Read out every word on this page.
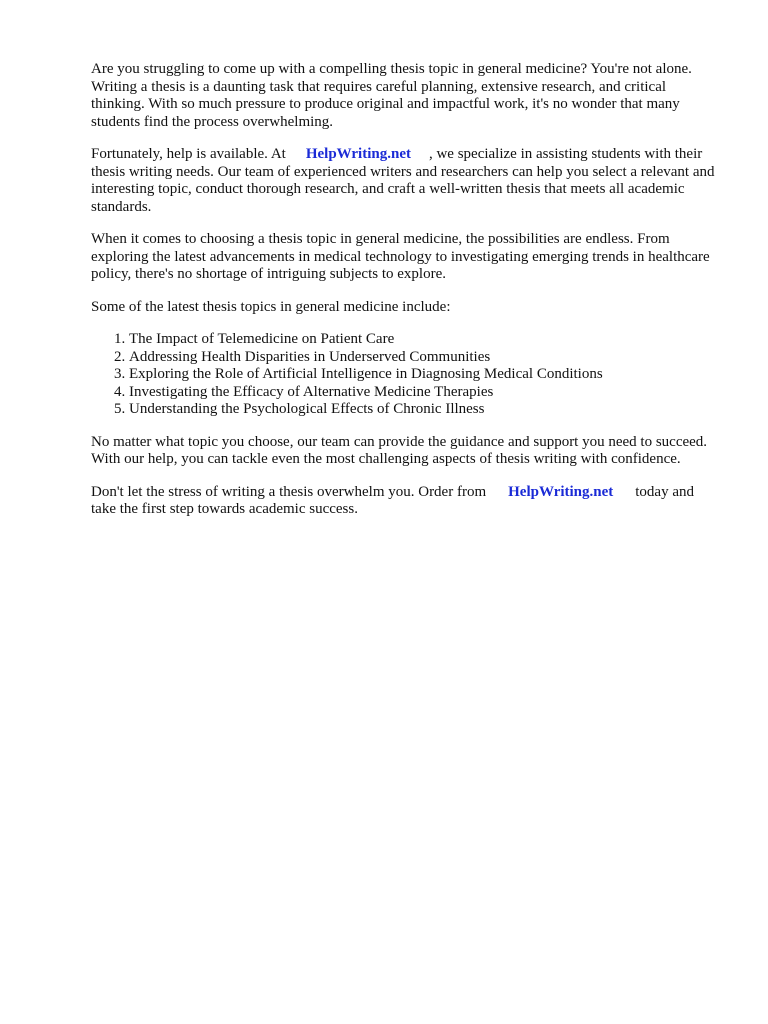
Are you struggling to come up with a compelling thesis topic in general medicine? You're not alone. Writing a thesis is a daunting task that requires careful planning, extensive research, and critical thinking. With so much pressure to produce original and impactful work, it's no wonder that many students find the process overwhelming.

Fortunately, help is available. At HelpWriting.net , we specialize in assisting students with their thesis writing needs. Our team of experienced writers and researchers can help you select a relevant and interesting topic, conduct thorough research, and craft a well-written thesis that meets all academic standards.

When it comes to choosing a thesis topic in general medicine, the possibilities are endless. From exploring the latest advancements in medical technology to investigating emerging trends in healthcare policy, there's no shortage of intriguing subjects to explore.

Some of the latest thesis topics in general medicine include:

1. The Impact of Telemedicine on Patient Care
2. Addressing Health Disparities in Underserved Communities
3. Exploring the Role of Artificial Intelligence in Diagnosing Medical Conditions
4. Investigating the Efficacy of Alternative Medicine Therapies
5. Understanding the Psychological Effects of Chronic Illness

No matter what topic you choose, our team can provide the guidance and support you need to succeed. With our help, you can tackle even the most challenging aspects of thesis writing with confidence.

Don't let the stress of writing a thesis overwhelm you. Order from HelpWriting.net today and take the first step towards academic success.
